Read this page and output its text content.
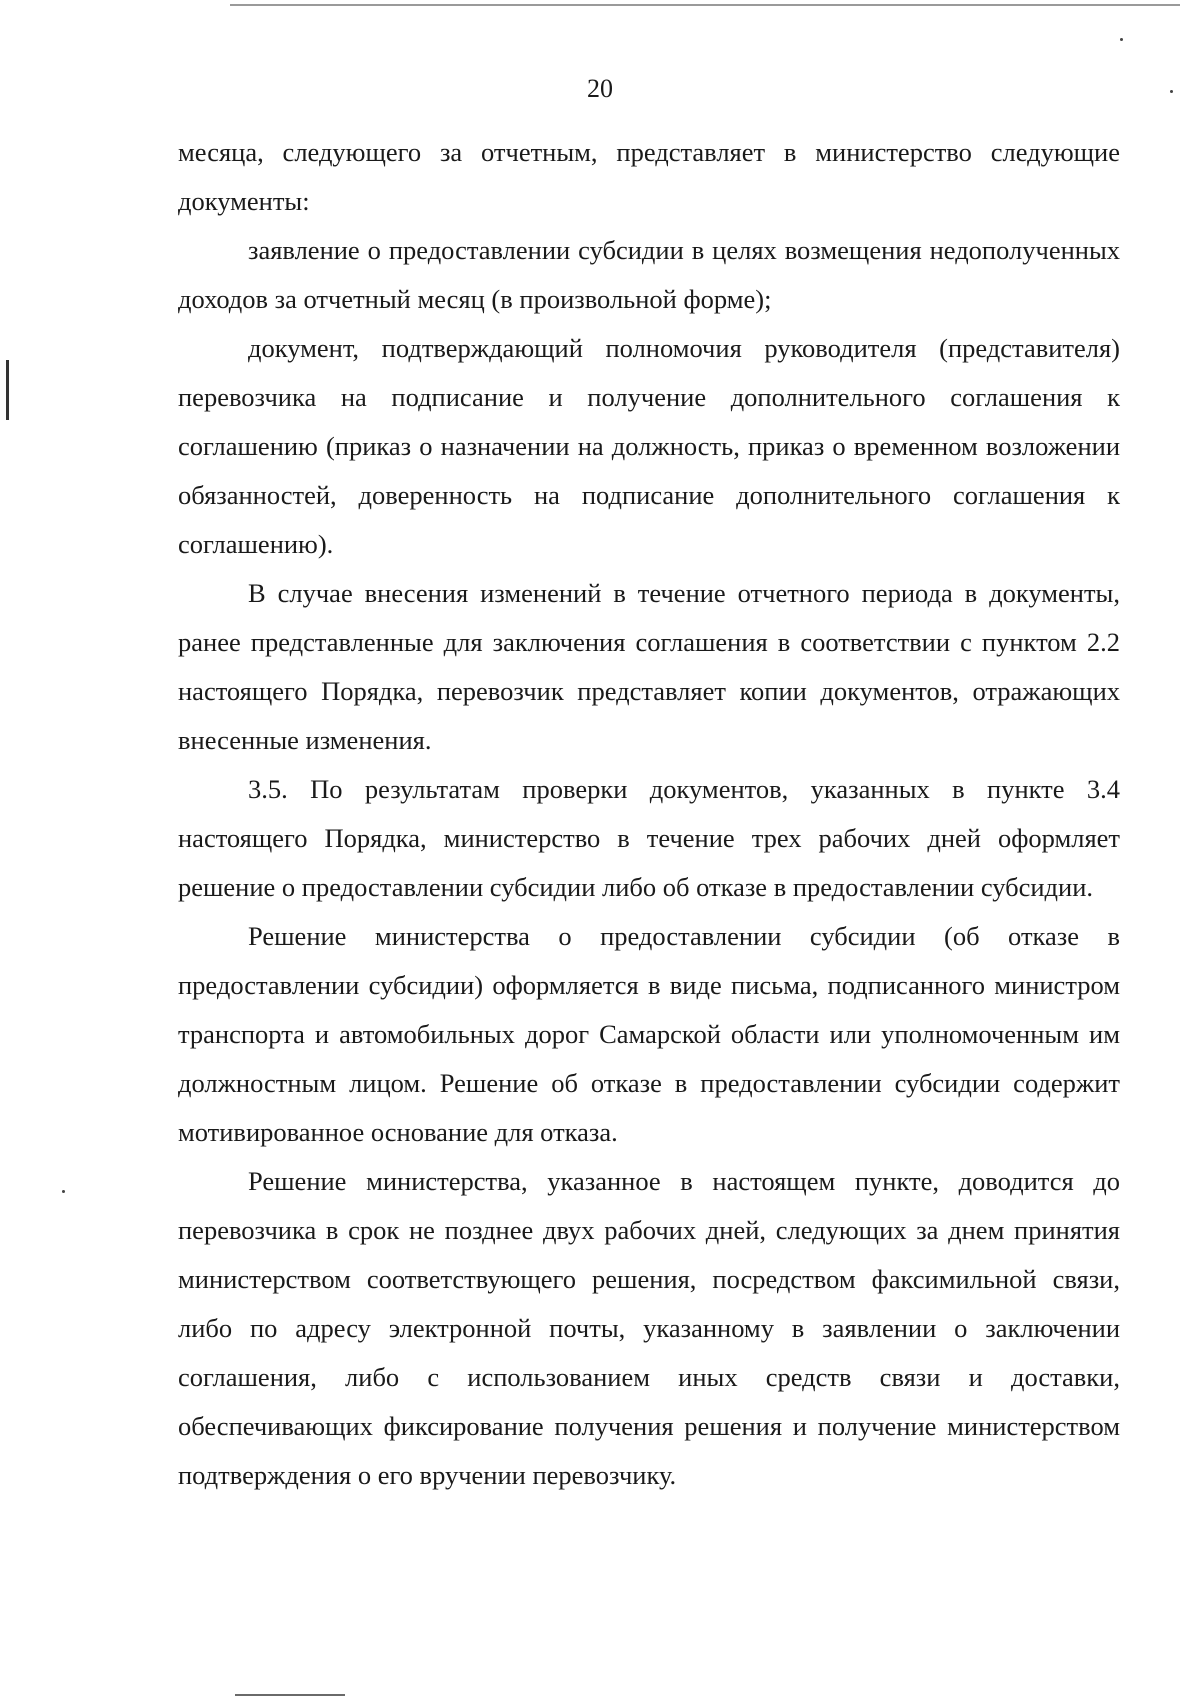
20

месяца, следующего за отчетным, представляет в министерство следующие документы:

заявление о предоставлении субсидии в целях возмещения недополученных доходов за отчетный месяц (в произвольной форме);

документ, подтверждающий полномочия руководителя (представителя) перевозчика на подписание и получение дополнительного соглашения к соглашению (приказ о назначении на должность, приказ о временном возложении обязанностей, доверенность на подписание дополнительного соглашения к соглашению).

В случае внесения изменений в течение отчетного периода в документы, ранее представленные для заключения соглашения в соответствии с пунктом 2.2 настоящего Порядка, перевозчик представляет копии документов, отражающих внесенные изменения.

3.5. По результатам проверки документов, указанных в пункте 3.4 настоящего Порядка, министерство в течение трех рабочих дней оформляет решение о предоставлении субсидии либо об отказе в предоставлении субсидии.

Решение министерства о предоставлении субсидии (об отказе в предоставлении субсидии) оформляется в виде письма, подписанного министром транспорта и автомобильных дорог Самарской области или уполномоченным им должностным лицом. Решение об отказе в предоставлении субсидии содержит мотивированное основание для отказа.

Решение министерства, указанное в настоящем пункте, доводится до перевозчика в срок не позднее двух рабочих дней, следующих за днем принятия министерством соответствующего решения, посредством факсимильной связи, либо по адресу электронной почты, указанному в заявлении о заключении соглашения, либо с использованием иных средств связи и доставки, обеспечивающих фиксирование получения решения и получение министерством подтверждения о его вручении перевозчику.
